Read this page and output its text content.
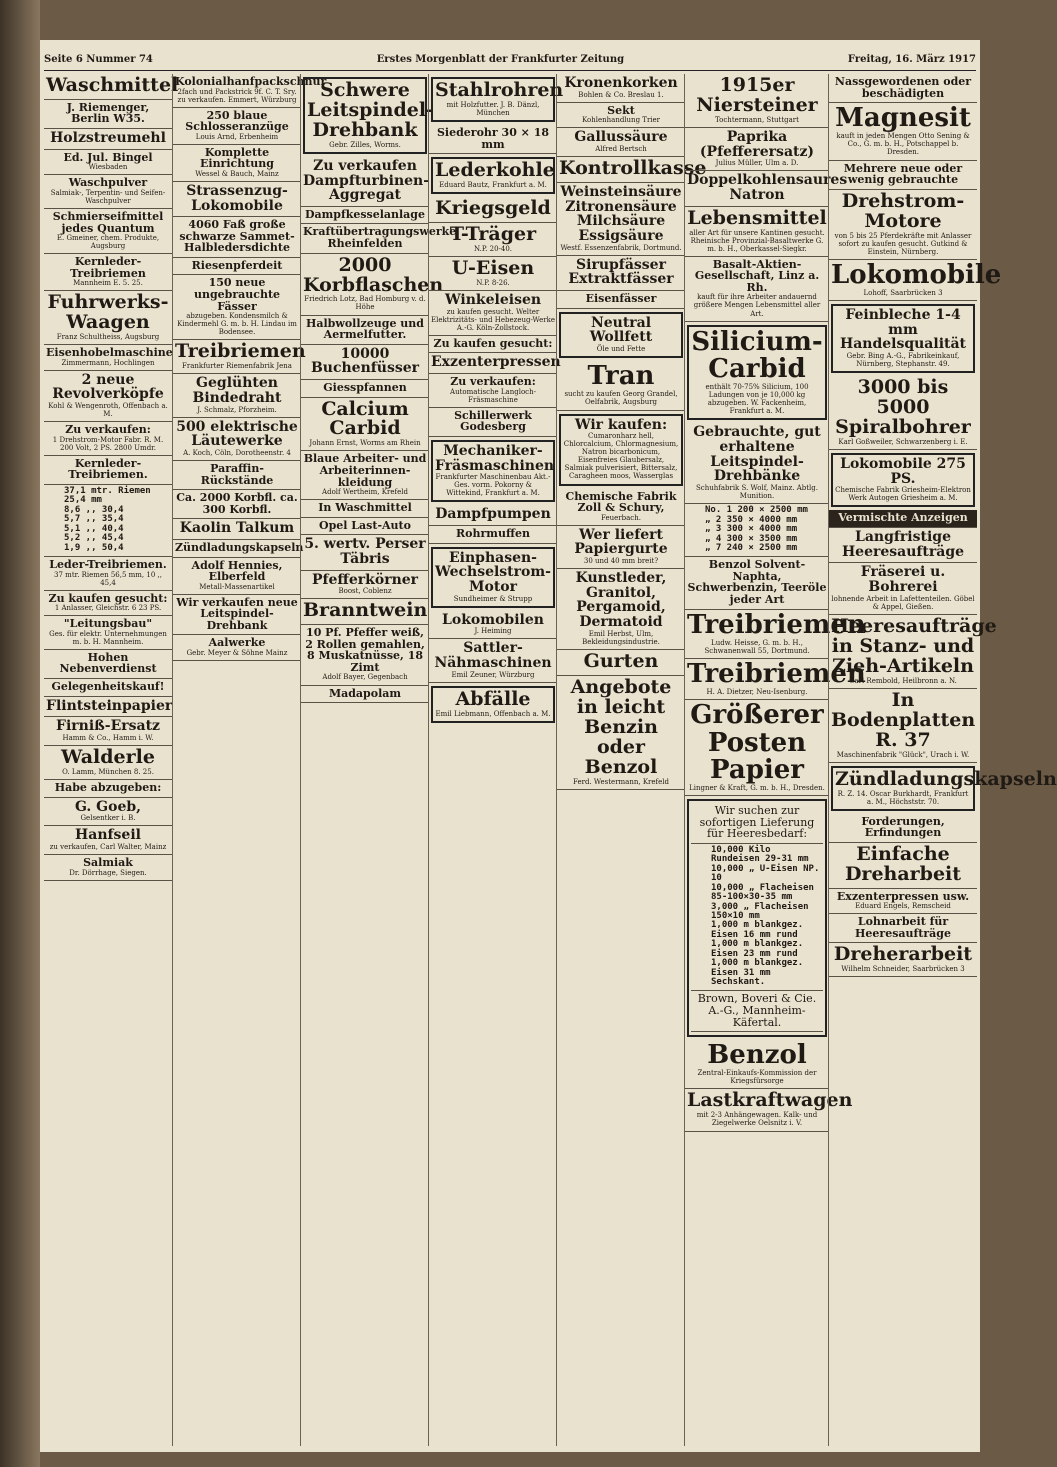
Seite 6 Nummer 74	Erstes Morgenblatt der Frankfurter Zeitung	Freitag, 16. März 1917
Waschmittel
J. Riemenger, Berlin W35.
Holzstreumehl
Ed. Jul. Bingel
Wiesbaden
Waschpulver
Salmiak-, Terpentin- und Seifen-Waschpulver
Schmierseifmittel jedes Quantum
E. Gmeiner, chem. Produkte, Augsburg
Kernleder-Treibriemen
Mannheim E. 5. 25.
Fuhrwerks-Waagen
Franz Schultheiss, Augsburg
Eisenhobelmaschine
Zimmermann, Hochlingen
2 neue Revolverköpfe
Kohl & Wengenroth, Offenbach a. M.
Zu verkaufen:
1 Drehstrom-Motor Fabr. R. M. 200 Volt, 2 PS. 2800 Umdr.
Kernleder-Treibriemen.
37,1 mtr. Riemen 25,4 mm
8,6 ,, 30,4
5,7 ,, 35,4
5,1 ,, 40,4
5,2 ,, 45,4
1,9 ,, 50,4
Leder-Treibriemen.
37 mtr. Riemen 56,5 mm, 10 ,, 45,4
Zu kaufen gesucht:
1 Anlasser, Gleichstr. 6 23 PS.
"Leitungsbau"
Ges. für elektr. Unternehmungen m. b. H. Mannheim.
Hohen Nebenverdienst
Gelegenheitskauf!
Flintsteinpapier
Firniß-Ersatz
Hamm & Co., Hamm i. W.
Walderle
O. Lamm, München 8. 25.
Habe abzugeben:
G. Goeb,
Gelsentker i. B.
Hanfseil
zu verkaufen, Carl Walter, Mainz
Salmiak
Dr. Dörrhage, Siegen.
Kolonialhanfpackschnur
2fach und Packstrick 9f. C. T. Sry. zu verkaufen. Emmert, Würzburg
250 blaue Schlosseranzüge
Louis Arnd, Erbenheim
Komplette Einrichtung
Wessel & Bauch, Mainz
Strassenzug-Lokomobile
4060 Faß große schwarze Sammet-Halbledersdichte
Riesenpferdeit
150 neue ungebrauchte Fässer
abzugeben. Kondensmilch & Kindermehl G. m. b. H. Lindau im Bodensee.
Treibriemen
Frankfurter Riemenfabrik Jena
Geglühten Bindedraht
J. Schmalz, Pforzheim.
500 elektrische Läutewerke
A. Koch, Cöln, Dorotheenstr. 4
Paraffin-Rückstände
Ca. 2000 Korbfl. ca. 300 Korbfl.
Kaolin Talkum
Zündladungskapseln
Adolf Hennies, Elberfeld
Metall-Massenartikel
Wir verkaufen neue Leitspindel-Drehbank
Aalwerke
Gebr. Meyer & Söhne Mainz
Schwere Leitspindel-Drehbank
Gebr. Zilles, Worms.
Zu verkaufen Dampfturbinen-Aggregat
Dampfkesselanlage
Kraftübertragungswerke Rheinfelden
2000 Korbflaschen
Friedrich Lotz, Bad Homburg v. d. Höhe
Halbwollzeuge und Aermelfutter.
10000 Buchenfüsser
Giesspfannen
Calcium Carbid
Johann Ernst, Worms am Rhein
Blaue Arbeiter- und Arbeiterinnen-kleidung
Adolf Wertheim, Krefeld
In Waschmittel
Opel Last-Auto
5. wertv. Perser Täbris
Pfefferkörner
Boost, Coblenz
Branntwein
10 Pf. Pfeffer weiß, 2 Rollen gemahlen, 8 Muskatnüsse, 18 Zimt
Adolf Bayer, Gegenbach
Madapolam
Stahlrohren
mit Holzfutter. J. B. Dänzl, München
Siederohr 30 × 18 mm
Lederkohle
Eduard Bautz, Frankfurt a. M.
Kriegsgeld
T-Träger
N.P. 20-40.
U-Eisen
N.P. 8-26.
Winkeleisen
zu kaufen gesucht. Welter Elektrizitäts- und Hebezeug-Werke A.-G. Köln-Zollstock.
Zu kaufen gesucht:
Exzenterpressen
Zu verkaufen:
Automatische Langloch-Fräsmaschine
Schillerwerk Godesberg
Mechaniker-Fräsmaschinen
Frankfurter Maschinenbau Akt.-Ges. vorm. Pokorny & Wittekind, Frankfurt a. M.
Dampfpumpen
Rohrmuffen
Einphasen-Wechselstrom-Motor
Sundheimer & Strupp
Lokomobilen
J. Heiming
Sattler-Nähmaschinen
Emil Zeuner, Würzburg
Abfälle
Emil Liebmann, Offenbach a. M.
Kronenkorken
Bohlen & Co. Breslau 1.
Sekt
Kohlenhandlung Trier
Gallussäure
Alfred Bertsch
Kontrollkasse
Weinsteinsäure Zitronensäure Milchsäure Essigsäure
Westf. Essenzenfabrik, Dortmund.
Sirupfässer Extraktfässer
Eisenfässer
Neutral Wollfett
Öle und Fette
Tran
sucht zu kaufen Georg Grandel, Oelfabrik, Augsburg
Wir kaufen:
Cumaronharz hell, Chlorcalcium, Chlormagnesium, Natron bicarbonicum, Eisenfreies Glaubersalz, Salmiak pulverisiert, Bittersalz, Caragheen moos, Wasserglas
Chemische Fabrik Zoll & Schury,
Feuerbach.
Wer liefert Papiergurte
30 und 40 mm breit?
Kunstleder, Granitol, Pergamoid, Dermatoid
Emil Herbst, Ulm, Bekleidungsindustrie.
Gurten
Angebote in leicht Benzin oder Benzol
Ferd. Westermann, Krefeld
1915er Niersteiner
Tochtermann, Stuttgart
Paprika (Pfefferersatz)
Julius Müller, Ulm a. D.
Doppelkohlensaures Natron
Lebensmittel
aller Art für unsere Kantinen gesucht. Rheinische Provinzial-Basaltwerke G. m. b. H., Oberkassel-Siegkr.
Basalt-Aktien-Gesellschaft, Linz a. Rh.
kauft für ihre Arbeiter andauernd größere Mengen Lebensmittel aller Art.
Silicium-Carbid
enthält 70-75% Silicium, 100 Ladungen von je 10,000 kg abzugeben. W. Fackenheim, Frankfurt a. M.
Gebrauchte, gut erhaltene Leitspindel-Drehbänke
Schuhfabrik S. Wolf, Mainz. Abtlg. Munition.
No. 1 200 × 2500 mm
„ 2 350 × 4000 mm
„ 3 300 × 4000 mm
„ 4 300 × 3500 mm
„ 7 240 × 2500 mm
Benzol Solvent-Naphta, Schwerbenzin, Teeröle jeder Art
Treibriemen
Ludw. Heisse, G. m. b. H., Schwanenwall 55, Dortmund.
Treibriemen
H. A. Dietzer, Neu-Isenburg.
Größerer Posten Papier
Lingner & Kraft, G. m. b. H., Dresden.
Wir suchen zur sofortigen Lieferung für Heeresbedarf:
10,000 Kilo Rundeisen 29-31 mm
10,000 „ U-Eisen NP. 10
10,000 „ Flacheisen 85-100×30-35 mm
3,000 „ Flacheisen 150×10 mm
1,000 m blankgez. Eisen 16 mm rund
1,000 m blankgez. Eisen 23 mm rund
1,000 m blankgez. Eisen 31 mm Sechskant.
Brown, Boveri & Cie. A.-G., Mannheim-Käfertal.
Benzol
Zentral-Einkaufs-Kommission der Kriegsfürsorge
Lastkraftwagen
mit 2-3 Anhängewagen. Kalk- und Ziegelwerke Oelsnitz i. V.
Nassgewordenen oder beschädigten
Magnesit
kauft in jeden Mengen Otto Sening & Co., G. m. b. H., Potschappel b. Dresden.
Mehrere neue oder wenig gebrauchte
Drehstrom-Motore
von 5 bis 25 Pferdekräfte mit Anlasser sofort zu kaufen gesucht. Gutkind & Einstein, Nürnberg.
Lokomobile
Lohoff, Saarbrücken 3
Feinbleche 1-4 mm Handelsqualität
Gebr. Bing A.-G., Fabrikeinkauf, Nürnberg, Stephanstr. 49.
3000 bis 5000 Spiralbohrer
Karl Goßweiler, Schwarzenberg i. E.
Lokomobile 275 PS.
Chemische Fabrik Griesheim-Elektron Werk Autogen Griesheim a. M.
Vermischte Anzeigen
Langfristige Heeresaufträge
Fräserei u. Bohrerei
lohnende Arbeit in Lafettenteilen. Göbel & Appel, Gießen.
Heeresaufträge in Stanz- und Zieh-Artikeln
Carl Rembold, Heilbronn a. N.
In Bodenplatten R. 37
Maschinenfabrik "Glück", Urach i. W.
Zündladungskapseln
R. Z. 14. Oscar Burkhardt, Frankfurt a. M., Höchststr. 70.
Forderungen, Erfindungen
Einfache Dreharbeit
Exzenterpressen usw.
Eduard Engels, Remscheid
Lohnarbeit für Heeresaufträge
Dreherarbeit
Wilhelm Schneider, Saarbrücken 3
